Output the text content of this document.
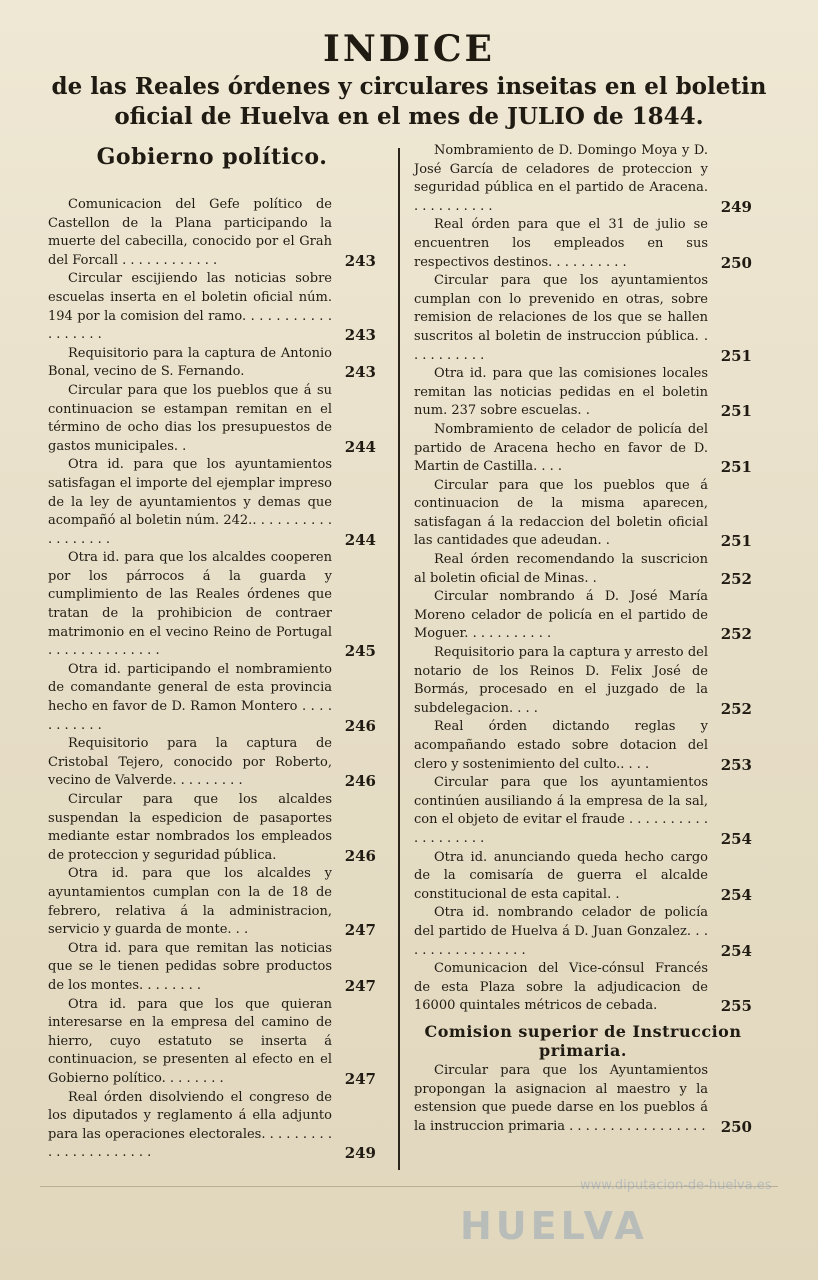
INDICE
de las Reales órdenes y circulares inseitas en el boletin oficial de Huelva en el mes de JULIO de 1844.
Gobierno político.
Comunicacion del Gefe político de Castellon de la Plana participando la muerte del cabecilla, conocido por el Grah del Forcall . . . . . . . . . . . .	243
Circular escijiendo las noticias sobre escuelas inserta en el boletin oficial núm. 194 por la comision del ramo. . . . . . . . . . . . . . . . . .	243
Requisitorio para la captura de Antonio Bonal, vecino de S. Fernando.	243
Circular para que los pueblos que á su continuacion se estampan remitan en el término de ocho dias los presupuestos de gastos municipales. .	244
Otra id. para que los ayuntamientos satisfagan el importe del ejemplar impreso de la ley de ayuntamientos y demas que acompañó al boletin núm. 242.. . . . . . . . . . . . . . . . . .	244
Otra id. para que los alcaldes cooperen por los párrocos á la guarda y cumplimiento de las Reales órdenes que tratan de la prohibicion de contraer matrimonio en el vecino Reino de Portugal . . . . . . . . . . . . . .	245
Otra id. participando el nombramiento de comandante general de esta provincia hecho en favor de D. Ramon Montero . . . . . . . . . . .	246
Requisitorio para la captura de Cristobal Tejero, conocido por Roberto, vecino de Valverde. . . . . . . . .	246
Circular para que los alcaldes suspendan la espedicion de pasaportes mediante estar nombrados los empleados de proteccion y seguridad pública.	246
Otra id. para que los alcaldes y ayuntamientos cumplan con la de 18 de febrero, relativa á la administracion, servicio y guarda de monte. . .	247
Otra id. para que remitan las noticias que se le tienen pedidas sobre productos de los montes. . . . . . . .	247
Otra id. para que los que quieran interesarse en la empresa del camino de hierro, cuyo estatuto se inserta á continuacion, se presenten al efecto en el Gobierno político. . . . . . . .	247
Real órden disolviendo el congreso de los diputados y reglamento á ella adjunto para las operaciones electorales. . . . . . . . . . . . . . . . . . . . . .	249
Nombramiento de D. Domingo Moya y D. José García de celadores de proteccion y seguridad pública en el partido de Aracena. . . . . . . . . . .	249
Real órden para que el 31 de julio se encuentren los empleados en sus respectivos destinos. . . . . . . . . .	250
Circular para que los ayuntamientos cumplan con lo prevenido en otras, sobre remision de relaciones de los que se hallen suscritos al boletin de instruccion pública. . . . . . . . . . .	251
Otra id. para que las comisiones locales remitan las noticias pedidas en el boletin num. 237 sobre escuelas. .	251
Nombramiento de celador de policía del partido de Aracena hecho en favor de D. Martin de Castilla. . . .	251
Circular para que los pueblos que á continuacion de la misma aparecen, satisfagan á la redaccion del boletin oficial las cantidades que adeudan. .	251
Real órden recomendando la suscricion al boletin oficial de Minas. .	252
Circular nombrando á D. José María Moreno celador de policía en el partido de Moguer. . . . . . . . . . .	252
Requisitorio para la captura y arresto del notario de los Reinos D. Felix José de Bormás, procesado en el juzgado de la subdelegacion. . . .	252
Real órden dictando reglas y acompañando estado sobre dotacion del clero y sostenimiento del culto.. . . .	253
Circular para que los ayuntamientos continúen ausiliando á la empresa de la sal, con el objeto de evitar el fraude . . . . . . . . . . . . . . . . . . .	254
Otra id. anunciando queda hecho cargo de la comisaría de guerra el alcalde constitucional de esta capital. .	254
Otra id. nombrando celador de policía del partido de Huelva á D. Juan Gonzalez. . . . . . . . . . . . . . . . .	254
Comunicacion del Vice-cónsul Francés de esta Plaza sobre la adjudicacion de 16000 quintales métricos de cebada.	255
Comision superior de Instruccion primaria.
Circular para que los Ayuntamientos propongan la asignacion al maestro y la estension que puede darse en los pueblos á la instruccion primaria . . . . . . . . . . . . . . . . .	250
www.diputacion-de-huelva.es
HUELVA
